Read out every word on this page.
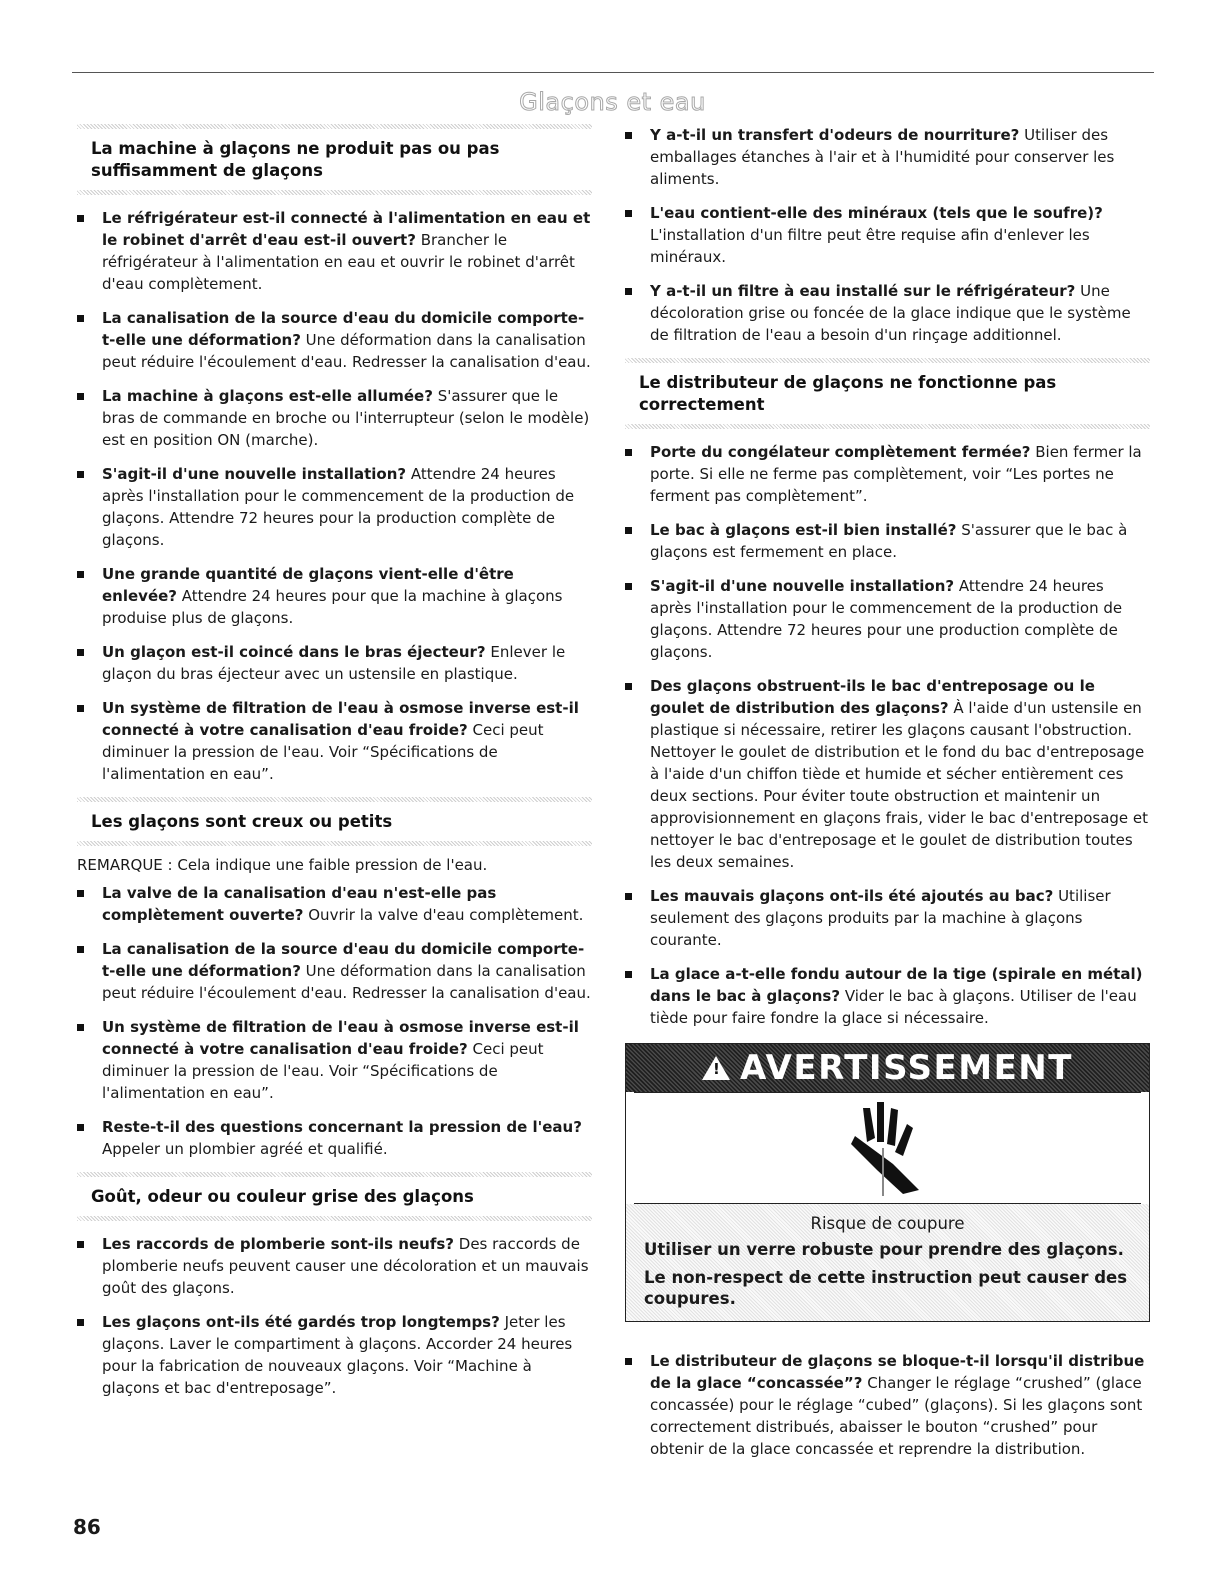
Glaçons et eau
La machine à glaçons ne produit pas ou pas suffisamment de glaçons
Le réfrigérateur est-il connecté à l'alimentation en eau et le robinet d'arrêt d'eau est-il ouvert? Brancher le réfrigérateur à l'alimentation en eau et ouvrir le robinet d'arrêt d'eau complètement.
La canalisation de la source d'eau du domicile comporte-t-elle une déformation? Une déformation dans la canalisation peut réduire l'écoulement d'eau. Redresser la canalisation d'eau.
La machine à glaçons est-elle allumée? S'assurer que le bras de commande en broche ou l'interrupteur (selon le modèle) est en position ON (marche).
S'agit-il d'une nouvelle installation? Attendre 24 heures après l'installation pour le commencement de la production de glaçons. Attendre 72 heures pour la production complète de glaçons.
Une grande quantité de glaçons vient-elle d'être enlevée? Attendre 24 heures pour que la machine à glaçons produise plus de glaçons.
Un glaçon est-il coincé dans le bras éjecteur? Enlever le glaçon du bras éjecteur avec un ustensile en plastique.
Un système de filtration de l'eau à osmose inverse est-il connecté à votre canalisation d'eau froide? Ceci peut diminuer la pression de l'eau. Voir “Spécifications de l'alimentation en eau”.
Les glaçons sont creux ou petits
REMARQUE : Cela indique une faible pression de l'eau.
La valve de la canalisation d'eau n'est-elle pas complètement ouverte? Ouvrir la valve d'eau complètement.
La canalisation de la source d'eau du domicile comporte-t-elle une déformation? Une déformation dans la canalisation peut réduire l'écoulement d'eau. Redresser la canalisation d'eau.
Un système de filtration de l'eau à osmose inverse est-il connecté à votre canalisation d'eau froide? Ceci peut diminuer la pression de l'eau. Voir “Spécifications de l'alimentation en eau”.
Reste-t-il des questions concernant la pression de l'eau? Appeler un plombier agréé et qualifié.
Goût, odeur ou couleur grise des glaçons
Les raccords de plomberie sont-ils neufs? Des raccords de plomberie neufs peuvent causer une décoloration et un mauvais goût des glaçons.
Les glaçons ont-ils été gardés trop longtemps? Jeter les glaçons. Laver le compartiment à glaçons. Accorder 24 heures pour la fabrication de nouveaux glaçons. Voir “Machine à glaçons et bac d'entreposage”.
Y a-t-il un transfert d'odeurs de nourriture? Utiliser des emballages étanches à l'air et à l'humidité pour conserver les aliments.
L'eau contient-elle des minéraux (tels que le soufre)? L'installation d'un filtre peut être requise afin d'enlever les minéraux.
Y a-t-il un filtre à eau installé sur le réfrigérateur? Une décoloration grise ou foncée de la glace indique que le système de filtration de l'eau a besoin d'un rinçage additionnel.
Le distributeur de glaçons ne fonctionne pas correctement
Porte du congélateur complètement fermée? Bien fermer la porte. Si elle ne ferme pas complètement, voir “Les portes ne ferment pas complètement”.
Le bac à glaçons est-il bien installé? S'assurer que le bac à glaçons est fermement en place.
S'agit-il d'une nouvelle installation? Attendre 24 heures après l'installation pour le commencement de la production de glaçons. Attendre 72 heures pour une production complète de glaçons.
Des glaçons obstruent-ils le bac d'entreposage ou le goulet de distribution des glaçons? À l'aide d'un ustensile en plastique si nécessaire, retirer les glaçons causant l'obstruction. Nettoyer le goulet de distribution et le fond du bac d'entreposage à l'aide d'un chiffon tiède et humide et sécher entièrement ces deux sections. Pour éviter toute obstruction et maintenir un approvisionnement en glaçons frais, vider le bac d'entreposage et nettoyer le bac d'entreposage et le goulet de distribution toutes les deux semaines.
Les mauvais glaçons ont-ils été ajoutés au bac? Utiliser seulement des glaçons produits par la machine à glaçons courante.
La glace a-t-elle fondu autour de la tige (spirale en métal) dans le bac à glaçons? Vider le bac à glaçons. Utiliser de l'eau tiède pour faire fondre la glace si nécessaire.
! AVERTISSEMENT
Risque de coupure
Utiliser un verre robuste pour prendre des glaçons.
Le non-respect de cette instruction peut causer des coupures.
Le distributeur de glaçons se bloque-t-il lorsqu'il distribue de la glace “concassée”? Changer le réglage “crushed” (glace concassée) pour le réglage “cubed” (glaçons). Si les glaçons sont correctement distribués, abaisser le bouton “crushed” pour obtenir de la glace concassée et reprendre la distribution.
86
